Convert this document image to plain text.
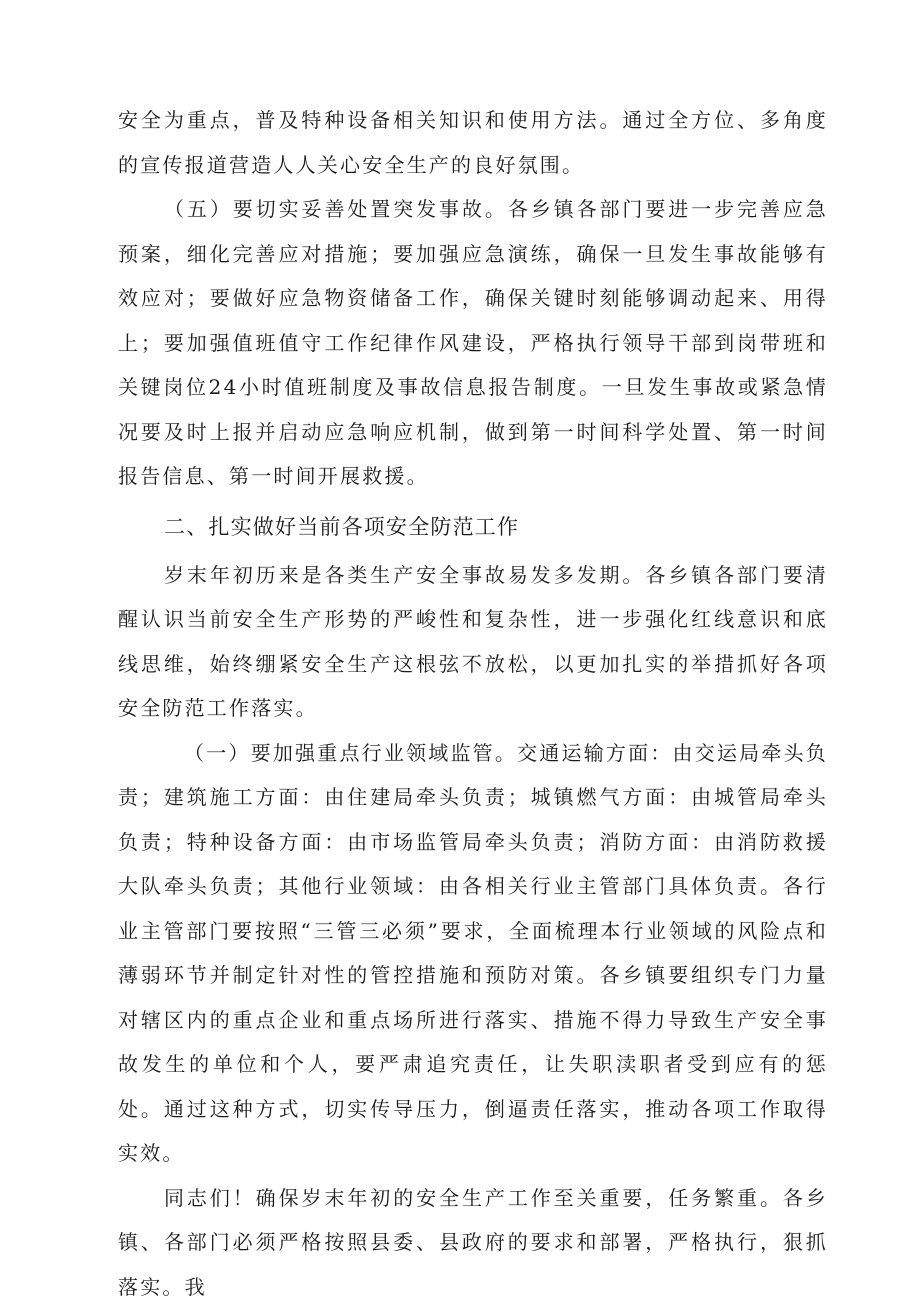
安全为重点，普及特种设备相关知识和使用方法。通过全方位、多角度的宣传报道营造人人关心安全生产的良好氛围。

（五）要切实妥善处置突发事故。各乡镇各部门要进一步完善应急预案，细化完善应对措施；要加强应急演练，确保一旦发生事故能够有效应对；要做好应急物资储备工作，确保关键时刻能够调动起来、用得上；要加强值班值守工作纪律作风建设，严格执行领导干部到岗带班和关键岗位24小时值班制度及事故信息报告制度。一旦发生事故或紧急情况要及时上报并启动应急响应机制，做到第一时间科学处置、第一时间报告信息、第一时间开展救援。

二、扎实做好当前各项安全防范工作

岁末年初历来是各类生产安全事故易发多发期。各乡镇各部门要清醒认识当前安全生产形势的严峻性和复杂性，进一步强化红线意识和底线思维，始终绷紧安全生产这根弦不放松，以更加扎实的举措抓好各项安全防范工作落实。

（一）要加强重点行业领域监管。交通运输方面：由交运局牵头负责；建筑施工方面：由住建局牵头负责；城镇燃气方面：由城管局牵头负责；特种设备方面：由市场监管局牵头负责；消防方面：由消防救援大队牵头负责；其他行业领域：由各相关行业主管部门具体负责。各行业主管部门要按照“三管三必须”要求，全面梳理本行业领域的风险点和薄弱环节并制定针对性的管控措施和预防对策。各乡镇要组织专门力量对辖区内的重点企业和重点场所进行落实、措施不得力导致生产安全事故发生的单位和个人，要严肃追究责任，让失职渎职者受到应有的惩处。通过这种方式，切实传导压力，倒逼责任落实，推动各项工作取得实效。

同志们！确保岁末年初的安全生产工作至关重要，任务繁重。各乡镇、各部门必须严格按照县委、县政府的要求和部署，严格执行，狠抓落实。我
